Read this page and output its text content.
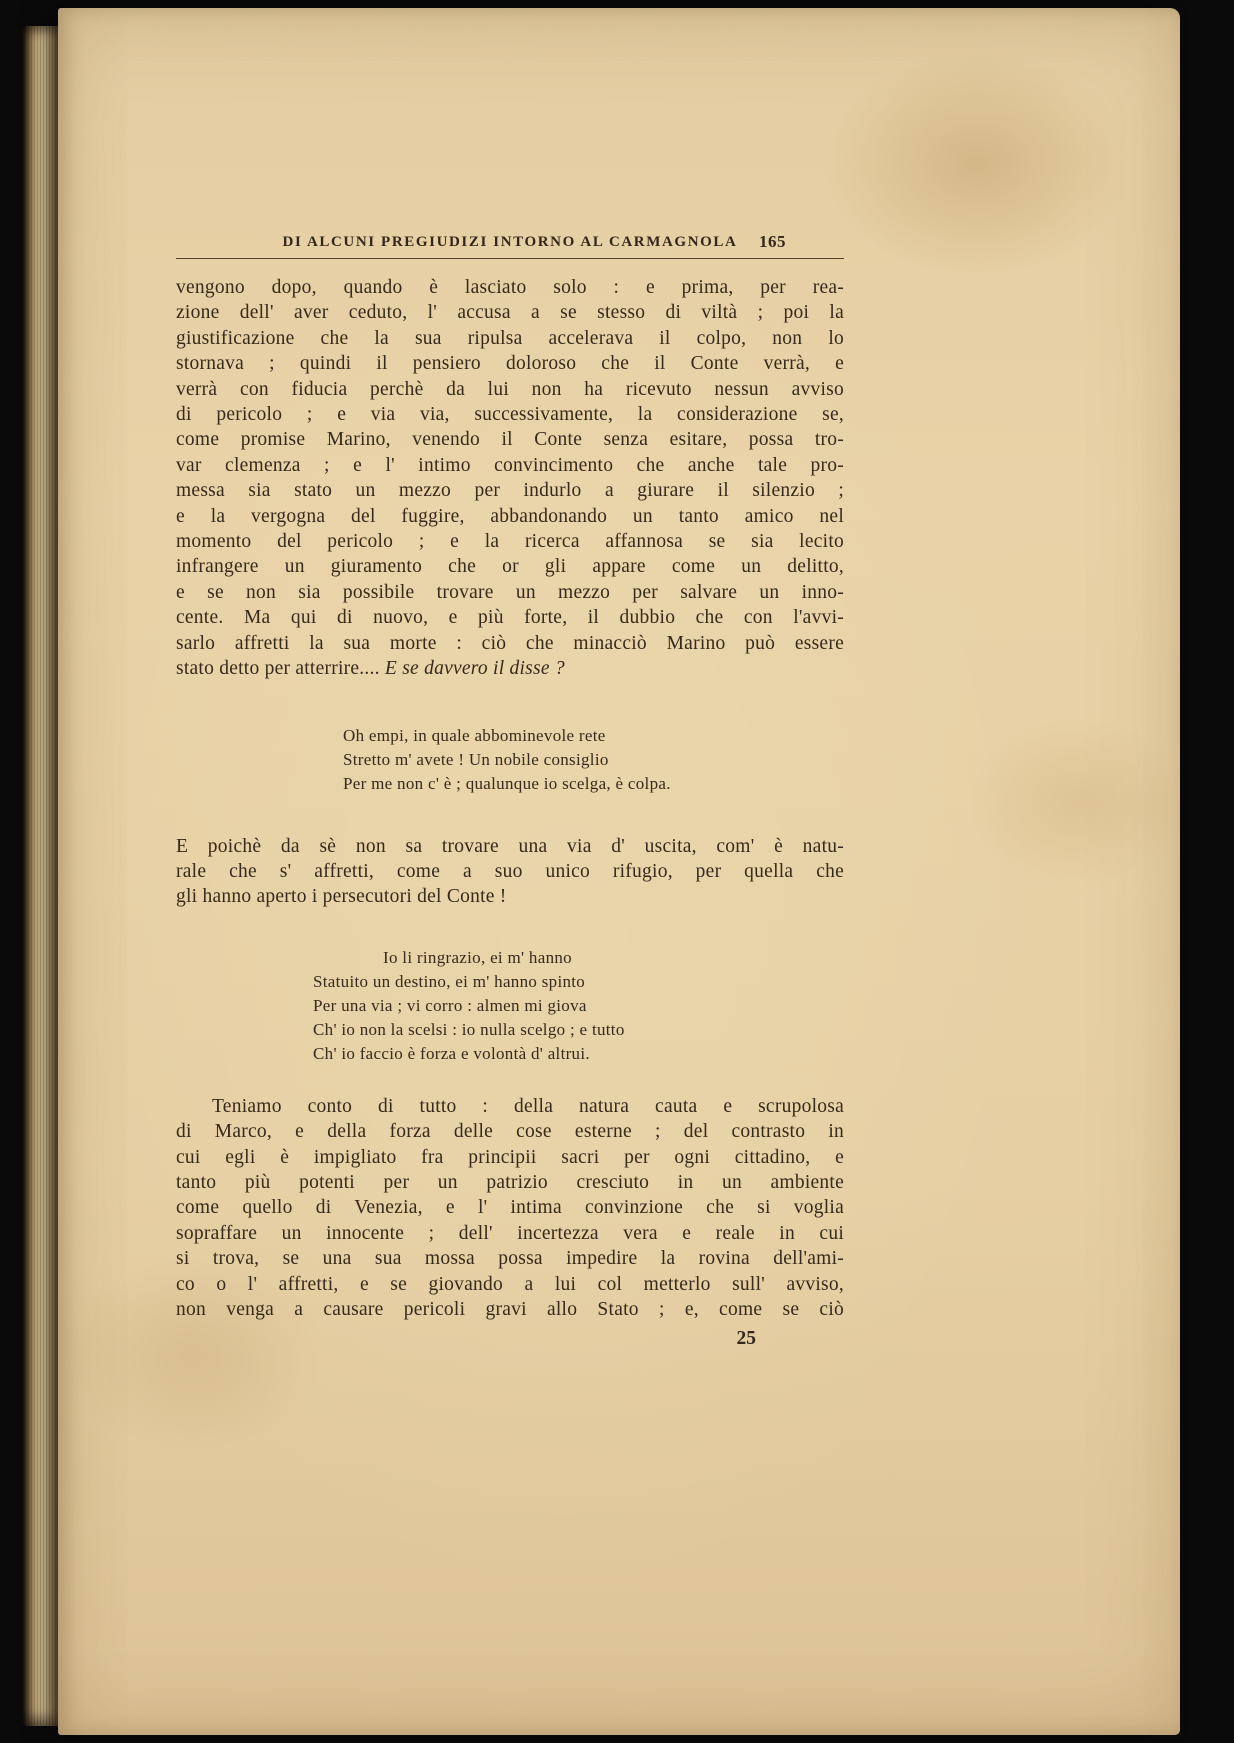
DI ALCUNI PREGIUDIZI INTORNO AL CARMAGNOLA 165
vengono dopo, quando è lasciato solo : e prima, per rea-
zione dell' aver ceduto, l' accusa a se stesso di viltà ; poi la
giustificazione che la sua ripulsa accelerava il colpo, non lo
stornava ; quindi il pensiero doloroso che il Conte verrà, e
verrà con fiducia perchè da lui non ha ricevuto nessun avviso
di pericolo ; e via via, successivamente, la considerazione se,
come promise Marino, venendo il Conte senza esitare, possa tro-
var clemenza ; e l' intimo convincimento che anche tale pro-
messa sia stato un mezzo per indurlo a giurare il silenzio ;
e la vergogna del fuggire, abbandonando un tanto amico nel
momento del pericolo ; e la ricerca affannosa se sia lecito
infrangere un giuramento che or gli appare come un delitto,
e se non sia possibile trovare un mezzo per salvare un inno-
cente. Ma qui di nuovo, e più forte, il dubbio che con l'avvi-
sarlo affretti la sua morte : ciò che minacciò Marino può essere
stato detto per atterrire.... E se davvero il disse ?
Oh empi, in quale abbominevole rete
Stretto m' avete ! Un nobile consiglio
Per me non c' è ; qualunque io scelga, è colpa.
E poichè da sè non sa trovare una via d' uscita, com' è natu-
rale che s' affretti, come a suo unico rifugio, per quella che
gli hanno aperto i persecutori del Conte !
Io li ringrazio, ei m' hanno
Statuito un destino, ei m' hanno spinto
Per una via ; vi corro : almen mi giova
Ch' io non la scelsi : io nulla scelgo ; e tutto
Ch' io faccio è forza e volontà d' altrui.
Teniamo conto di tutto : della natura cauta e scrupolosa
di Marco, e della forza delle cose esterne ; del contrasto in
cui egli è impigliato fra principii sacri per ogni cittadino, e
tanto più potenti per un patrizio cresciuto in un ambiente
come quello di Venezia, e l' intima convinzione che si voglia
sopraffare un innocente ; dell' incertezza vera e reale in cui
si trova, se una sua mossa possa impedire la rovina dell'ami-
co o l' affretti, e se giovando a lui col metterlo sull' avviso,
non venga a causare pericoli gravi allo Stato ; e, come se ciò
25
